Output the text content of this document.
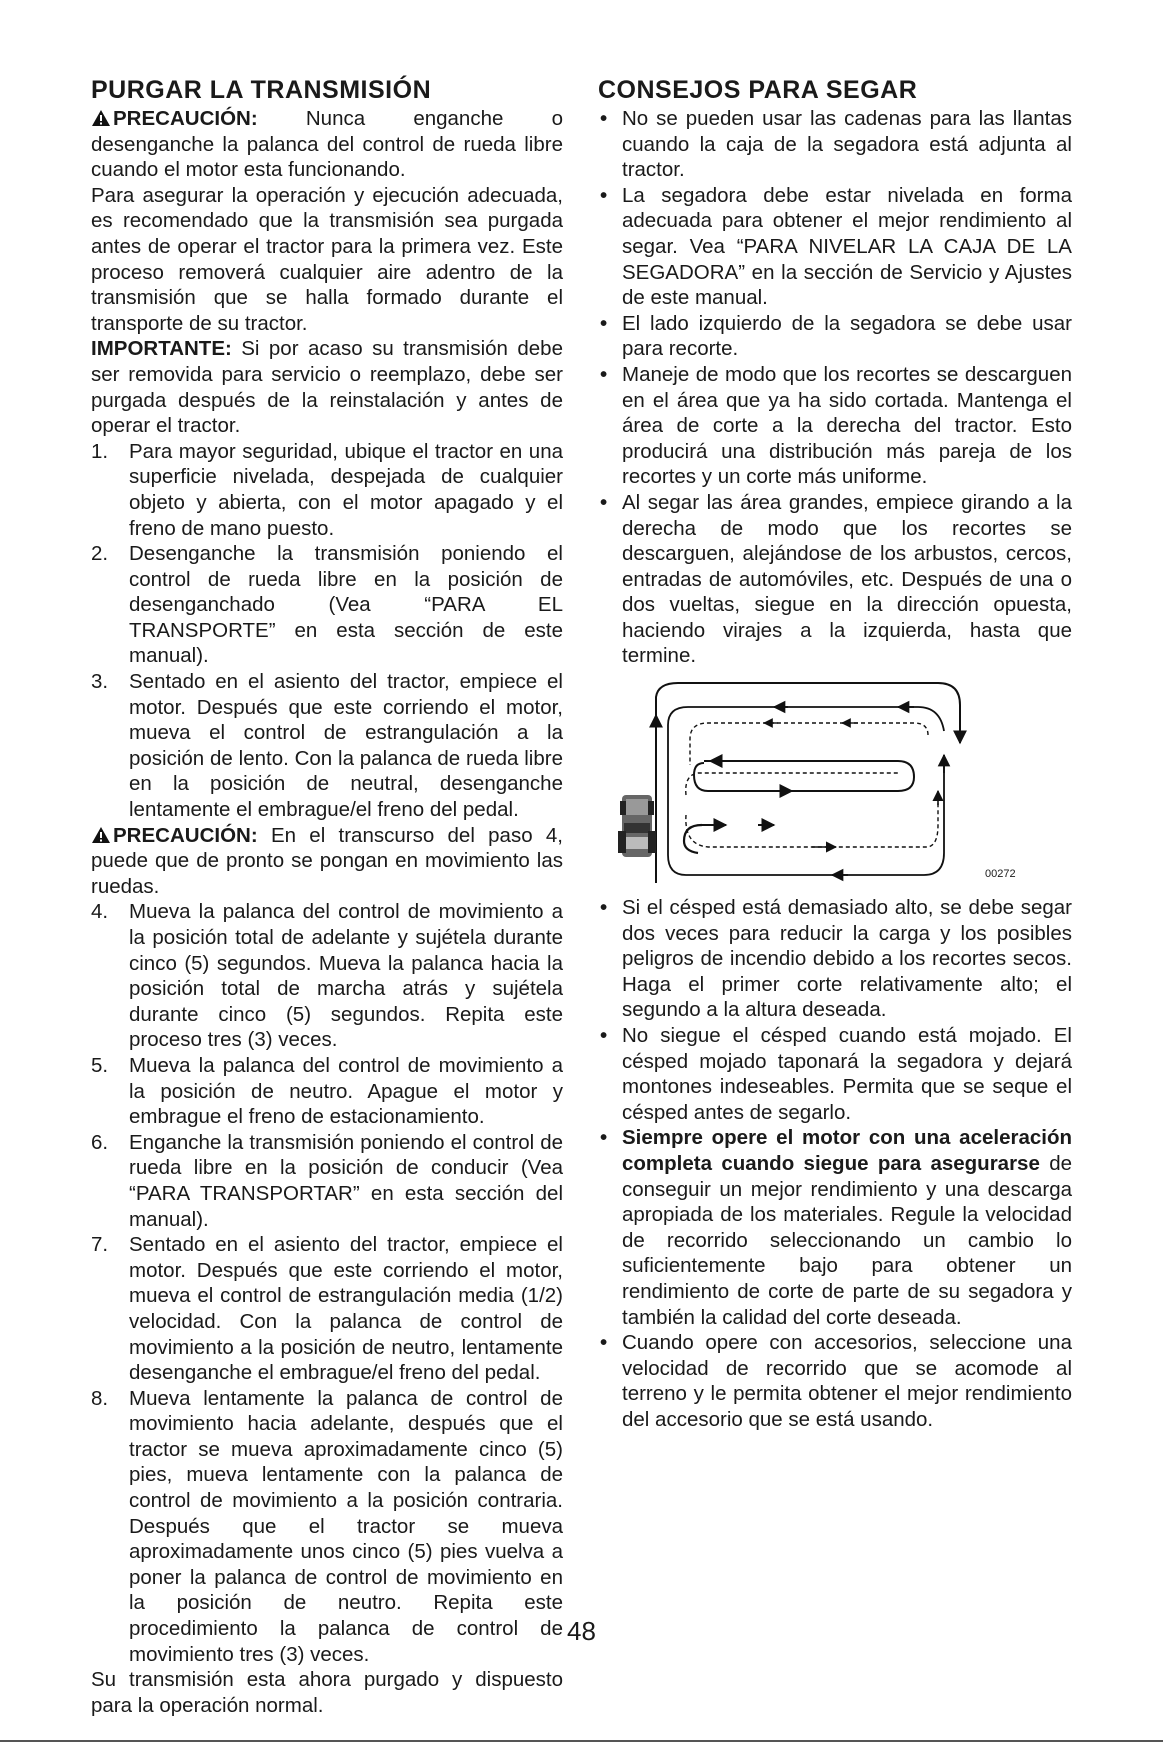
PURGAR LA TRANSMISIÓN

PRECAUCIÓN: Nunca enganche o desenganche la palanca del control de rueda libre cuando el motor esta funcionando.

Para asegurar la operación y ejecución adecuada, es recomendado que la transmisión sea purgada antes de operar el tractor para la primera vez. Este proceso removerá cualquier aire adentro de la transmisión que se halla formado durante el transporte de su tractor.

IMPORTANTE: Si por acaso su transmisión debe ser removida para servicio o reemplazo, debe ser purgada después de la reinstalación y antes de operar el tractor.

1.	Para mayor seguridad, ubique el tractor en una superficie nivelada, despejada de cualquier objeto y abierta, con el motor apagado y el freno de mano puesto.
2.	Desenganche la transmisión poniendo el control de rueda libre en la posición de desenganchado (Vea “PARA EL TRANSPORTE” en esta sección de este manual).
3.	Sentado en el asiento del tractor, empiece el motor. Después que este corriendo el motor, mueva el control de estrangulación a la posición de lento. Con la palanca de rueda libre en la posición de neutral, desenganche lentamente el embrague/el freno del pedal.

PRECAUCIÓN: En el transcurso del paso 4, puede que de pronto se pongan en movimiento las ruedas.

4.	Mueva la palanca del control de movimiento a la posición total de adelante y sujételа durante cinco (5) segundos. Mueva la palanca hacia la posición total de marcha atrás y sujétela durante cinco (5) segundos. Repita este proceso tres (3) veces.
5.	Mueva la palanca del control de movimiento a la posición de neutro. Apague el motor y embrague el freno de estacionamiento.
6.	Enganche la transmisión poniendo el control de rueda libre en la posición de conducir (Vea “PARA TRANSPORTAR” en esta sección del manual).
7.	Sentado en el asiento del tractor, empiece el motor. Después que este corriendo el motor, mueva el control de estrangulación media (1/2) velocidad. Con la palanca de control de movimiento a la posición de neutro, lentamente desenganche el embrague/el freno del pedal.
8.	Mueva lentamente la palanca de control de movimiento hacia adelante, después que el tractor se mueva aproximadamente cinco (5) pies, mueva lentamente con la palanca de control de movimiento a la posición contraria. Después que el tractor se mueva aproximadamente unos cinco (5) pies vuelva a poner la palanca de control de movimiento en la posición de neutro. Repita este procedimiento la palanca de control de movimiento tres (3) veces.

Su transmisión esta ahora purgado y dispuesto para la operación normal.

CONSEJOS PARA SEGAR
• No se pueden usar las cadenas para las llantas cuando la caja de la segadora está adjunta al tractor.
• La segadora debe estar nivelada en forma adecuada para obtener el mejor rendimiento al segar. Vea “PARA NIVELAR LA CAJA DE LA SEGADORA” en la sección de Servicio y Ajustes de este manual.
• El lado izquierdo de la segadora se debe usar para recorte.
• Maneje de modo que los recortes se descarguen en el área que ya ha sido cortada. Mantenga el área de corte a la derecha del tractor. Esto producirá una distribución más pareja de los recortes y un corte más uniforme.
• Al segar las área grandes, empiece girando a la derecha de modo que los recortes se descarguen, alejándose de los arbustos, cercos, entradas de automóviles, etc. Después de una o dos vueltas, siegue en la dirección opuesta, haciendo virajes a la izquierda, hasta que termine.
00272
• Si el césped está demasiado alto, se debe segar dos veces para reducir la carga y los posibles peligros de incendio debido a los recortes secos. Haga el primer corte relativamente alto; el segundo a la altura deseada.
• No siegue el césped cuando está mojado. El césped mojado taponará la segadora y dejará montones indeseables. Permita que se seque el césped antes de segarlo.
• Siempre opere el motor con una aceleración completa cuando siegue para asegurarse de conseguir un mejor rendimiento y una descarga apropiada de los materiales. Regule la velocidad de recorrido seleccionando un cambio lo suficientemente bajo para obtener un rendimiento de corte de parte de su segadora y también la calidad del corte deseada.
• Cuando opere con accesorios, seleccione una velocidad de recorrido que se acomode al terreno y le permita obtener el mejor rendimiento del accesorio que se está usando.
48
